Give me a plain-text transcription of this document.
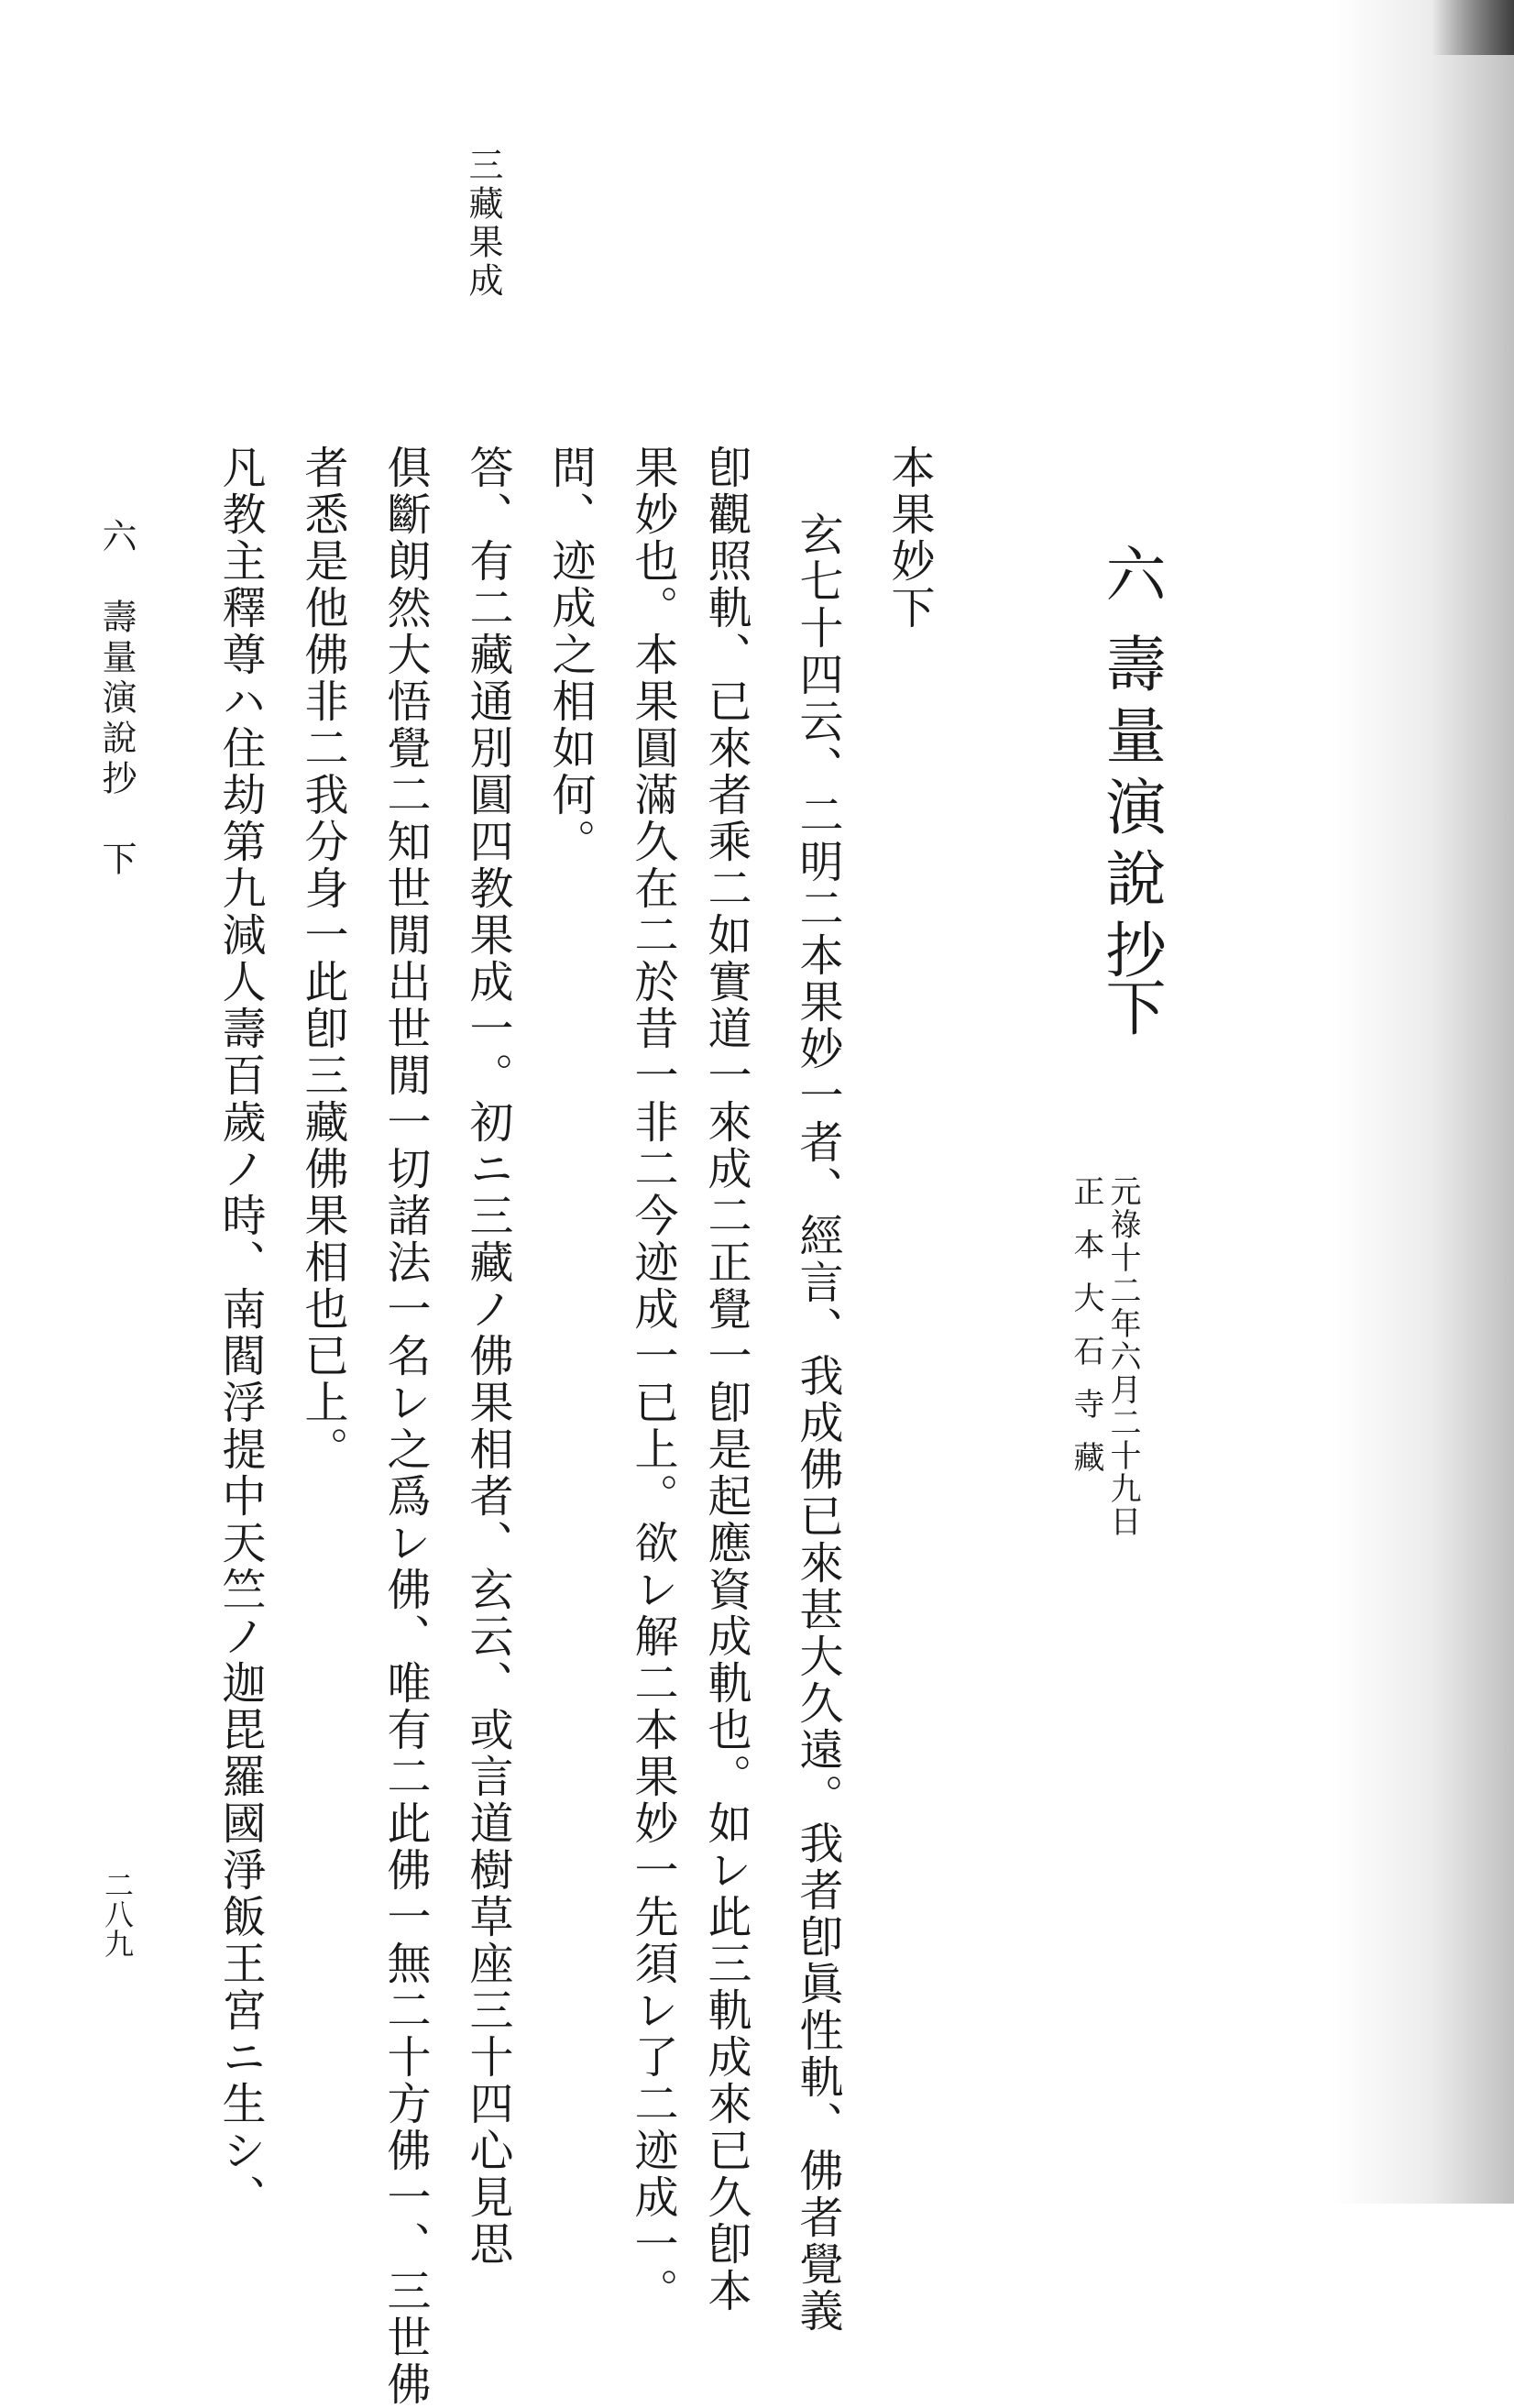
六
壽量演說抄
下
元祿十二年六月二十九日
正本大石寺藏
本果妙下
玄七十四云、二明二本果妙一者、經言、我成佛已來甚大久遠。我者卽眞性軌、佛者覺義
卽觀照軌、已來者乘二如實道一來成二正覺一卽是起應資成軌也。如レ此三軌成來已久卽本
果妙也。本果圓滿久在二於昔一非二今迹成一已上。欲レ解二本果妙一先須レ了二迹成一。
問、迹成之相如何。
答、有二藏通別圓四教果成一。初ニ三藏ノ佛果相者、玄云、或言道樹草座三十四心見思
俱斷朗然大悟覺二知世閒出世閒一切諸法一名レ之爲レ佛、唯有二此佛一無二十方佛一、三世佛
者悉是他佛非二我分身一此卽三藏佛果相也已上。
凡教主釋尊ハ住劫第九減人壽百歲ノ時、南閻浮提中天竺ノ迦毘羅國淨飯王宮ニ生シ、
三藏果成
六　壽量演說抄　下
二八九
